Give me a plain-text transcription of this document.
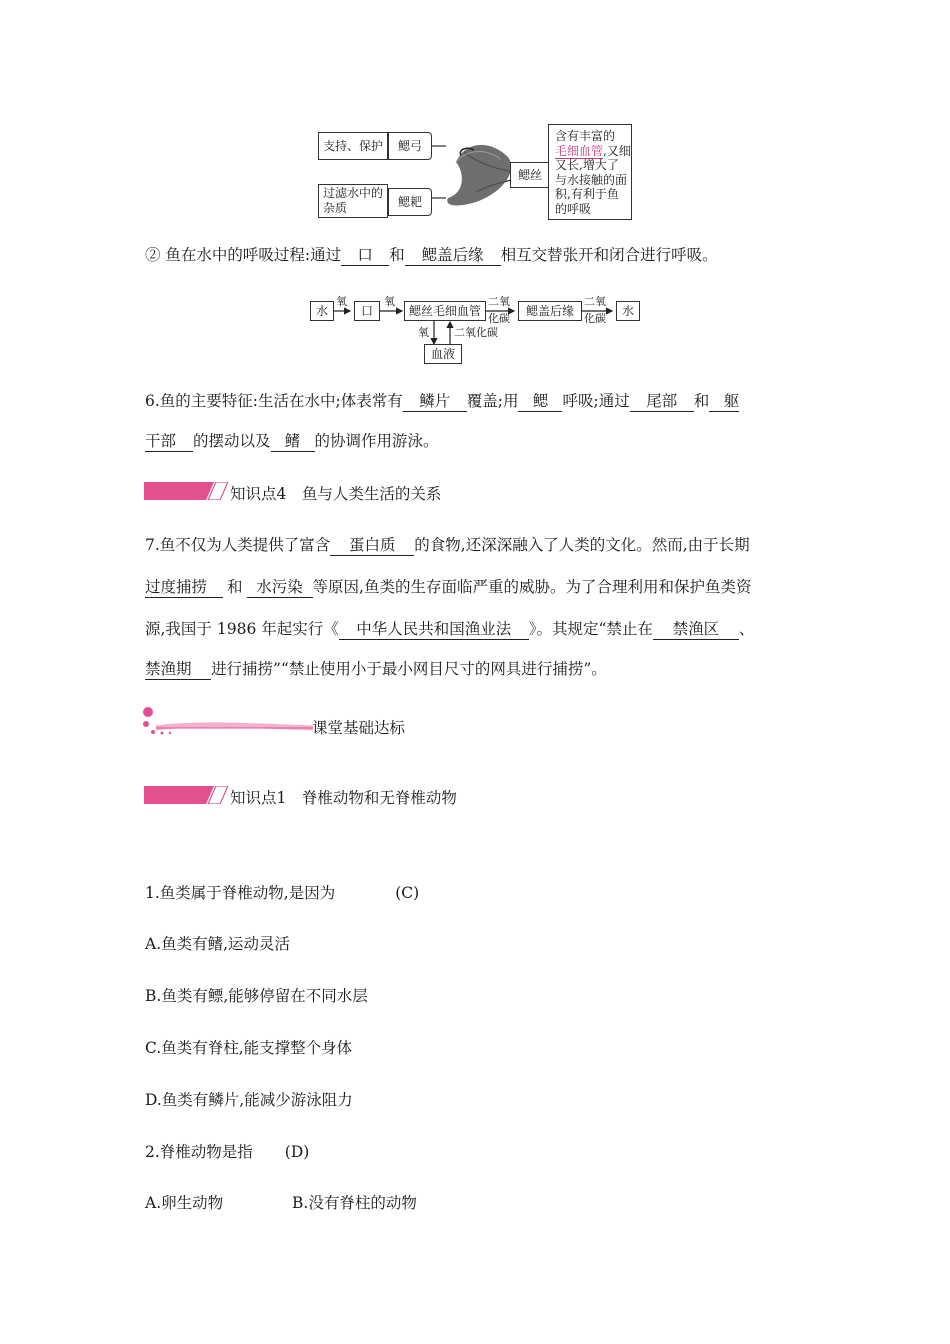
支持、保护	鳃弓
过滤水中的
杂质	鳃耙
鳃丝
含有丰富的
毛细血管,又细
又长,增大了
与水接触的面
积,有利于鱼
的呼吸
② 鱼在水中的呼吸过程:通过 口 和 鳃盖后缘 相互交替张开和闭合进行呼吸。
水
氧
口
氧
鳃丝毛细血管
二氧
化碳
鳃盖后缘
二氧
化碳
水
氧 二氧化碳
血液
6.鱼的主要特征:生活在水中;体表常有 鳞片 覆盖;用 鳃 呼吸;通过 尾部 和 躯
干部 的摆动以及 鳍 的协调作用游泳。
知识点4　鱼与人类生活的关系
7.鱼不仅为人类提供了富含 蛋白质 的食物,还深深融入了人类的文化。然而,由于长期
过度捕捞 和 水污染 等原因,鱼类的生存面临严重的威胁。为了合理利用和保护鱼类资
源,我国于 1986 年起实行《 中华人民共和国渔业法 》。其规定“禁止在 禁渔区 、
禁渔期 进行捕捞”“禁止使用小于最小网目尺寸的网具进行捕捞”。
课堂基础达标
知识点1　脊椎动物和无脊椎动物
1.鱼类属于脊椎动物,是因为	(C)
A.鱼类有鳍,运动灵活
B.鱼类有鳔,能够停留在不同水层
C.鱼类有脊柱,能支撑整个身体
D.鱼类有鳞片,能减少游泳阻力
2.脊椎动物是指 (D)
A.卵生动物	B.没有脊柱的动物
